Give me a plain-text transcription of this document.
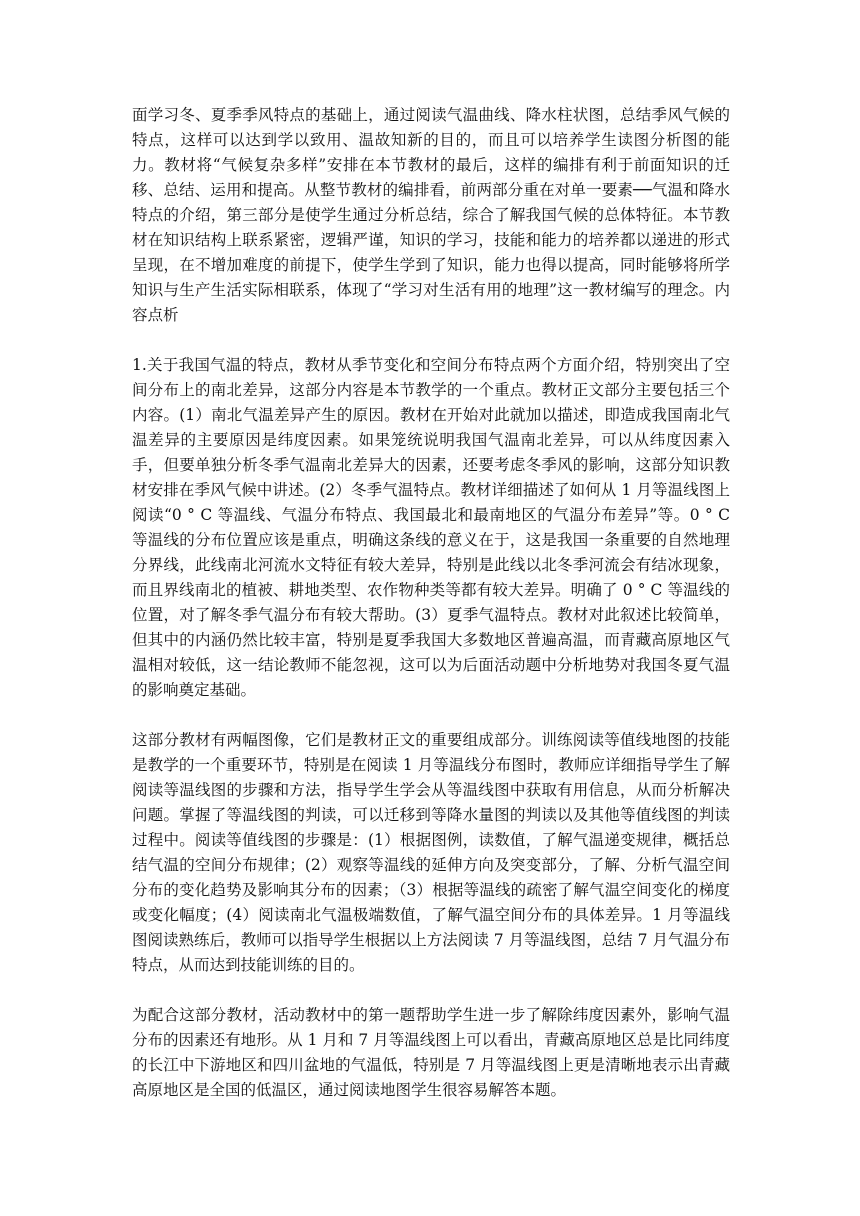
面学习冬、夏季季风特点的基础上，通过阅读气温曲线、降水柱状图，总结季风气候的特点，这样可以达到学以致用、温故知新的目的，而且可以培养学生读图分析图的能力。教材将“气候复杂多样”安排在本节教材的最后，这样的编排有利于前面知识的迁移、总结、运用和提高。从整节教材的编排看，前两部分重在对单一要素──气温和降水特点的介绍，第三部分是使学生通过分析总结，综合了解我国气候的总体特征。本节教材在知识结构上联系紧密，逻辑严谨，知识的学习，技能和能力的培养都以递进的形式呈现，在不增加难度的前提下，使学生学到了知识，能力也得以提高，同时能够将所学知识与生产生活实际相联系，体现了“学习对生活有用的地理”这一教材编写的理念。内容点析

1.关于我国气温的特点，教材从季节变化和空间分布特点两个方面介绍，特别突出了空间分布上的南北差异，这部分内容是本节教学的一个重点。教材正文部分主要包括三个内容。(1）南北气温差异产生的原因。教材在开始对此就加以描述，即造成我国南北气温差异的主要原因是纬度因素。如果笼统说明我国气温南北差异，可以从纬度因素入手，但要单独分析冬季气温南北差异大的因素，还要考虑冬季风的影响，这部分知识教材安排在季风气候中讲述。(2）冬季气温特点。教材详细描述了如何从 1 月等温线图上阅读“0 ° C 等温线、气温分布特点、我国最北和最南地区的气温分布差异”等。0 ° C 等温线的分布位置应该是重点，明确这条线的意义在于，这是我国一条重要的自然地理分界线，此线南北河流水文特征有较大差异，特别是此线以北冬季河流会有结冰现象，而且界线南北的植被、耕地类型、农作物种类等都有较大差异。明确了 0 ° C 等温线的位置，对了解冬季气温分布有较大帮助。(3）夏季气温特点。教材对此叙述比较简单，但其中的内涵仍然比较丰富，特别是夏季我国大多数地区普遍高温，而青藏高原地区气温相对较低，这一结论教师不能忽视，这可以为后面活动题中分析地势对我国冬夏气温的影响奠定基础。

这部分教材有两幅图像，它们是教材正文的重要组成部分。训练阅读等值线地图的技能是教学的一个重要环节，特别是在阅读 1 月等温线分布图时，教师应详细指导学生了解阅读等温线图的步骤和方法，指导学生学会从等温线图中获取有用信息，从而分析解决问题。掌握了等温线图的判读，可以迁移到等降水量图的判读以及其他等值线图的判读过程中。阅读等值线图的步骤是：(1）根据图例，读数值，了解气温递变规律，概括总结气温的空间分布规律；(2）观察等温线的延伸方向及突变部分，了解、分析气温空间分布的变化趋势及影响其分布的因素；（3）根据等温线的疏密了解气温空间变化的梯度或变化幅度；(4）阅读南北气温极端数值，了解气温空间分布的具体差异。1 月等温线图阅读熟练后，教师可以指导学生根据以上方法阅读 7 月等温线图，总结 7 月气温分布特点，从而达到技能训练的目的。

为配合这部分教材，活动教材中的第一题帮助学生进一步了解除纬度因素外，影响气温分布的因素还有地形。从 1 月和 7 月等温线图上可以看出，青藏高原地区总是比同纬度的长江中下游地区和四川盆地的气温低，特别是 7 月等温线图上更是清晰地表示出青藏高原地区是全国的低温区，通过阅读地图学生很容易解答本题。
